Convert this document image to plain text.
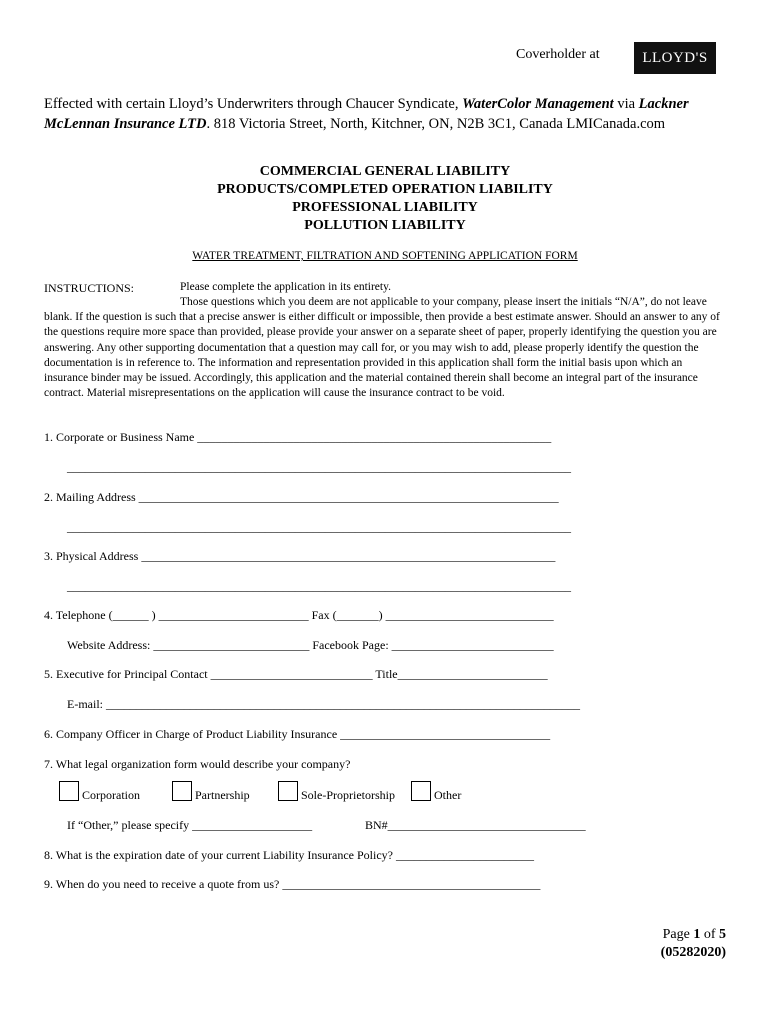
Coverholder at	LLOYD'S
Effected with certain Lloyd’s Underwriters through Chaucer Syndicate, WaterColor Management via Lackner McLennan Insurance LTD. 818 Victoria Street, North, Kitchner, ON, N2B 3C1, Canada LMICanada.com
COMMERCIAL GENERAL LIABILITY
PRODUCTS/COMPLETED OPERATION LIABILITY
PROFESSIONAL LIABILITY
POLLUTION LIABILITY
WATER TREATMENT, FILTRATION AND SOFTENING APPLICATION FORM
INSTRUCTIONS:	Please complete the application in its entirety.
Those questions which you deem are not applicable to your company, please insert the initials “N/A”, do not leave blank. If the question is such that a precise answer is either difficult or impossible, then provide a best estimate answer. Should an answer to any of the questions require more space than provided, please provide your answer on a separate sheet of paper, properly identifying the question you are answering. Any other supporting documentation that a question may call for, or you may wish to add, please properly identify the question the documentation is in reference to. The information and representation provided in this application shall form the initial basis upon which an insurance binder may be issued. Accordingly, this application and the material contained therein shall become an integral part of the insurance contract. Material misrepresentations on the application will cause the insurance contract to be void.
1. Corporate or Business Name ___________________________________________________________
____________________________________________________________________________________
2. Mailing Address ______________________________________________________________________
____________________________________________________________________________________
3. Physical Address _____________________________________________________________________
____________________________________________________________________________________
4. Telephone (______ ) _________________________ Fax (_______) ____________________________
Website Address: __________________________ Facebook Page: ___________________________
5. Executive for Principal Contact ___________________________ Title_________________________
E-mail: _______________________________________________________________________________
6. Company Officer in Charge of Product Liability Insurance ___________________________________
7. What legal organization form would describe your company?
Corporation	Partnership	Sole-Proprietorship	Other
If “Other,” please specify ____________________	BN#_________________________________
8. What is the expiration date of your current Liability Insurance Policy? _______________________
9. When do you need to receive a quote from us? ___________________________________________
Page 1 of 5
(05282020)
